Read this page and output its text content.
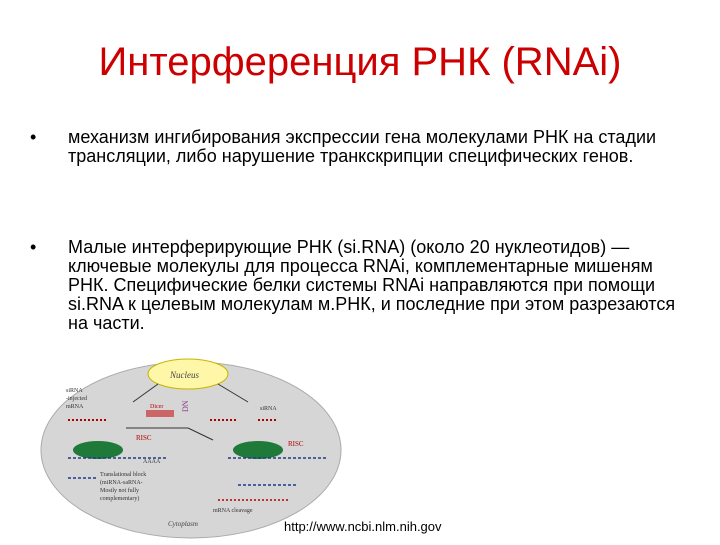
Интерференция РНК (RNAi)
•	механизм ингибирования экспрессии гена молекулами РНК на стадии трансляции, либо нарушение транкскрипции специфических генов.
•	Малые интерферирующие РНК (si.RNA) (около 20 нуклеотидов) — ключевые молекулы для процесса RNAi, комплементарные мишеням РНК. Специфические белки системы RNAi направляются при помощи si.RNA к целевым молекулам м.РНК, и последние при этом разрезаются на части.
Nucleus
siRNA
-injected
mRNA	Dicer DN	siRNA
RISC
AAAA
RISC
Translational block
(miRNA-saRNA-
Mostly not fully
complementary)
mRNA cleavage
Cytoplasm	http://www.ncbi.nlm.nih.gov
